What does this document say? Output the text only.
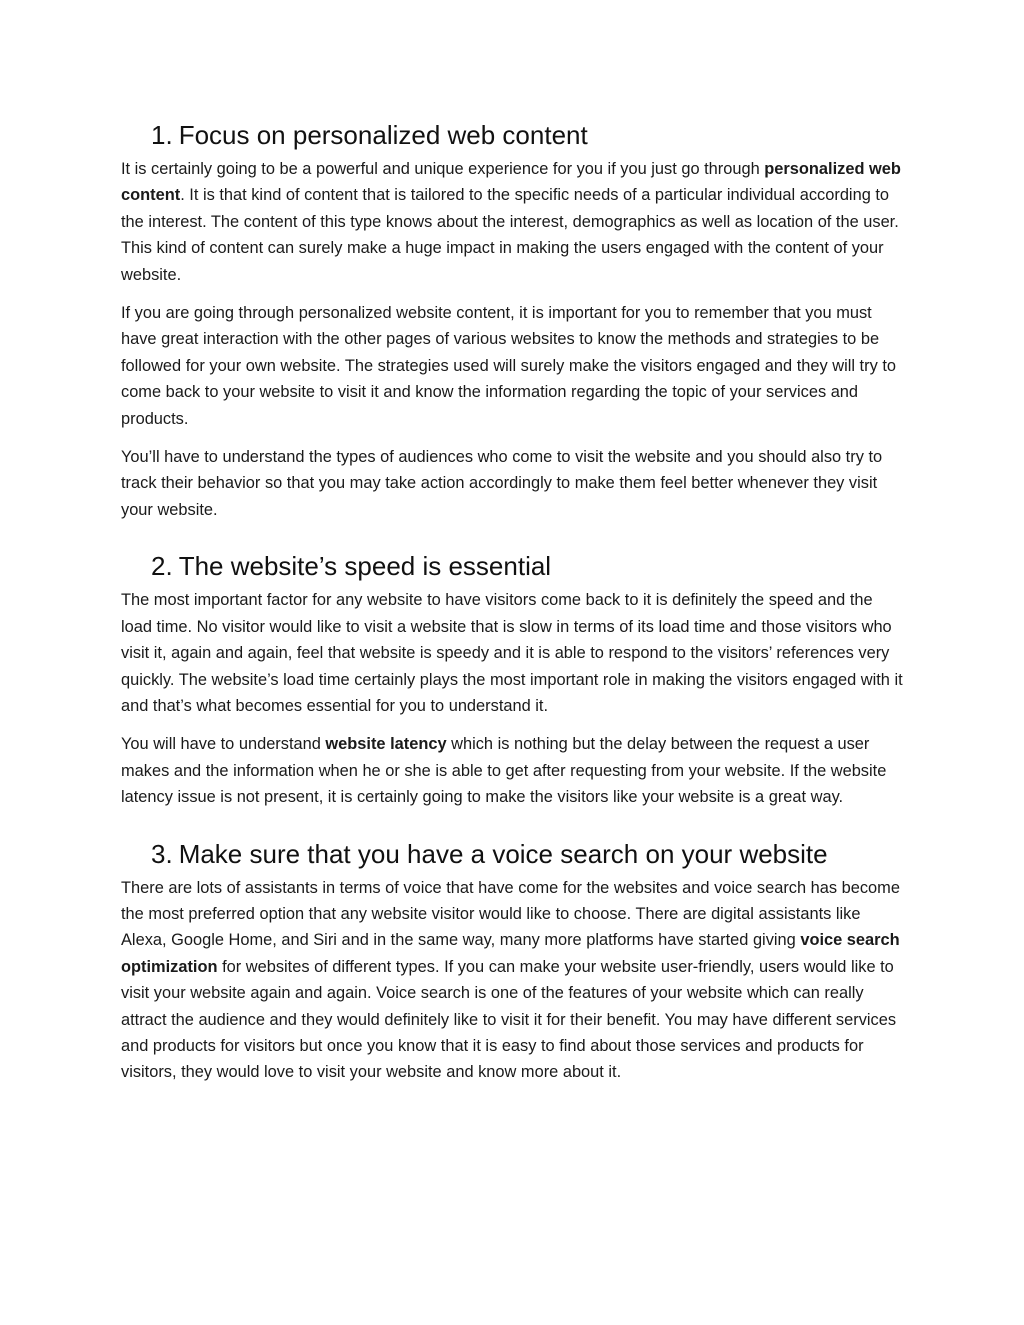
1. Focus on personalized web content

It is certainly going to be a powerful and unique experience for you if you just go through personalized web content. It is that kind of content that is tailored to the specific needs of a particular individual according to the interest. The content of this type knows about the interest, demographics as well as location of the user. This kind of content can surely make a huge impact in making the users engaged with the content of your website.

If you are going through personalized website content, it is important for you to remember that you must have great interaction with the other pages of various websites to know the methods and strategies to be followed for your own website. The strategies used will surely make the visitors engaged and they will try to come back to your website to visit it and know the information regarding the topic of your services and products.

You’ll have to understand the types of audiences who come to visit the website and you should also try to track their behavior so that you may take action accordingly to make them feel better whenever they visit your website.

2. The website’s speed is essential

The most important factor for any website to have visitors come back to it is definitely the speed and the load time. No visitor would like to visit a website that is slow in terms of its load time and those visitors who visit it, again and again, feel that website is speedy and it is able to respond to the visitors’ references very quickly. The website’s load time certainly plays the most important role in making the visitors engaged with it and that’s what becomes essential for you to understand it.

You will have to understand website latency which is nothing but the delay between the request a user makes and the information when he or she is able to get after requesting from your website. If the website latency issue is not present, it is certainly going to make the visitors like your website is a great way.

3. Make sure that you have a voice search on your website

There are lots of assistants in terms of voice that have come for the websites and voice search has become the most preferred option that any website visitor would like to choose. There are digital assistants like Alexa, Google Home, and Siri and in the same way, many more platforms have started giving voice search optimization for websites of different types. If you can make your website user-friendly, users would like to visit your website again and again. Voice search is one of the features of your website which can really attract the audience and they would definitely like to visit it for their benefit. You may have different services and products for visitors but once you know that it is easy to find about those services and products for visitors, they would love to visit your website and know more about it.
